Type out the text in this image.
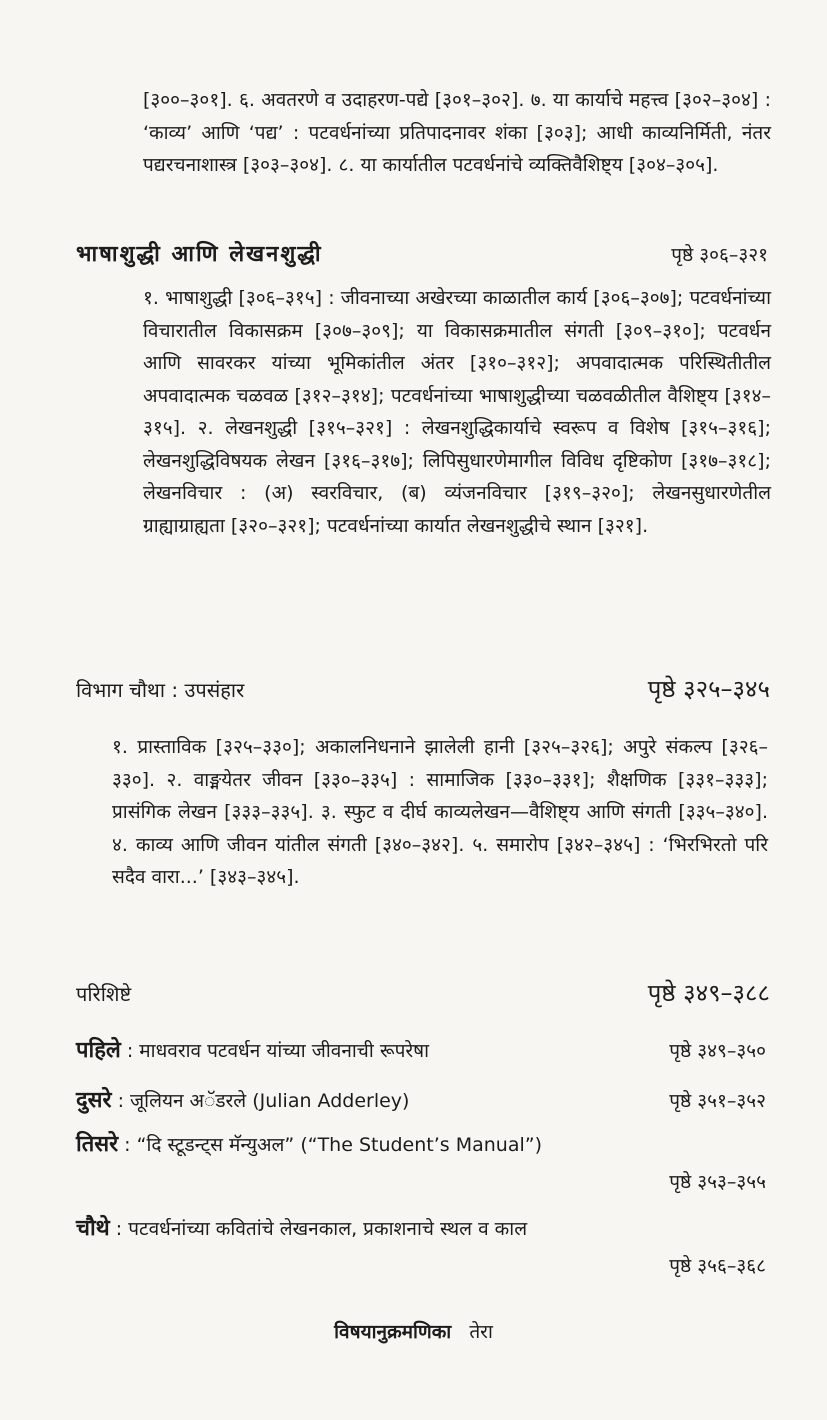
[३००–३०१]. ६. अवतरणे व उदाहरण-पद्ये [३०१–३०२]. ७. या कार्याचे महत्त्व [३०२–३०४] : ‘काव्य’ आणि ‘पद्य’ : पटवर्धनांच्या प्रतिपादनावर शंका [३०३]; आधी काव्यनिर्मिती, नंतर पद्यरचनाशास्त्र [३०३–३०४]. ८. या कार्यातील पटवर्धनांचे व्यक्तिवैशिष्ट्य [३०४–३०५].
भाषाशुद्धी आणि लेखनशुद्धी	पृष्ठे ३०६–३२१
१. भाषाशुद्धी [३०६–३१५] : जीवनाच्या अखेरच्या काळातील कार्य [३०६–३०७]; पटवर्धनांच्या विचारातील विकासक्रम [३०७–३०९]; या विकासक्रमातील संगती [३०९–३१०]; पटवर्धन आणि सावरकर यांच्या भूमिकांतील अंतर [३१०–३१२]; अपवादात्मक परिस्थितीतील अपवादात्मक चळवळ [३१२–३१४]; पटवर्धनांच्या भाषाशुद्धीच्या चळवळीतील वैशिष्ट्य [३१४–३१५]. २. लेखनशुद्धी [३१५–३२१] : लेखनशुद्धिकार्याचे स्वरूप व विशेष [३१५–३१६]; लेखनशुद्धिविषयक लेखन [३१६–३१७]; लिपिसुधारणेमागील विविध दृष्टिकोण [३१७–३१८]; लेखनविचार : (अ) स्वरविचार, (ब) व्यंजनविचार [३१९–३२०]; लेखनसुधारणेतील ग्राह्याग्राह्यता [३२०–३२१]; पटवर्धनांच्या कार्यात लेखनशुद्धीचे स्थान [३२१].
विभाग चौथा : उपसंहार	पृष्ठे ३२५–३४५
१. प्रास्ताविक [३२५–३३०]; अकालनिधनाने झालेली हानी [३२५–३२६]; अपुरे संकल्प [३२६–३३०]. २. वाङ्मयेतर जीवन [३३०–३३५] : सामाजिक [३३०–३३१]; शैक्षणिक [३३१–३३३]; प्रासंगिक लेखन [३३३–३३५]. ३. स्फुट व दीर्घ काव्यलेखन—वैशिष्ट्य आणि संगती [३३५–३४०]. ४. काव्य आणि जीवन यांतील संगती [३४०–३४२]. ५. समारोप [३४२–३४५] : ‘भिरभिरतो परि सदैव वारा...’ [३४३–३४५].
परिशिष्टे	पृष्ठे ३४९–३८८
पहिले : माधवराव पटवर्धन यांच्या जीवनाची रूपरेषा	पृष्ठे ३४९–३५०
दुसरे : जूलियन अॅडरले (Julian Adderley)	पृष्ठे ३५१–३५२
तिसरे : “दि स्टूडन्ट्स मॅन्युअल” (“The Student’s Manual”)
पृष्ठे ३५३–३५५
चौथे : पटवर्धनांच्या कवितांचे लेखनकाल, प्रकाशनाचे स्थल व काल
पृष्ठे ३५६–३६८
विषयानुक्रमणिका तेरा
